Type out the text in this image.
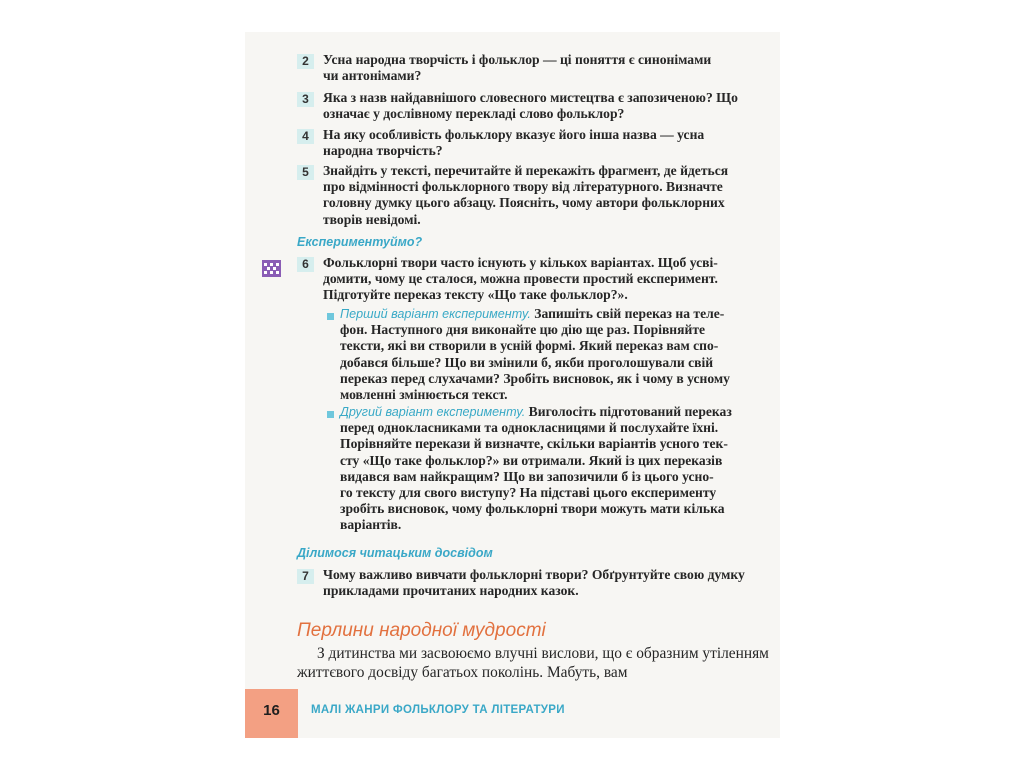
2	Усна народна творчість і фольклор — ці поняття є синонімами

чи антонімами?

3	Яка з назв найдавнішого словесного мистецтва є запозиченою? Що

означає у дослівному перекладі слово фольклор?

4	На яку особливість фольклору вказує його інша назва — усна

народна творчість?

5	Знайдіть у тексті, перечитайте й перекажіть фрагмент, де йдеться

про відмінності фольклорного твору від літературного. Визначте

головну думку цього абзацу. Поясніть, чому автори фольклорних

творів невідомі.

Експериментуймо?
6	Фольклорні твори часто існують у кількох варіантах. Щоб усві-

домити, чому це сталося, можна провести простий експеримент.

Підготуйте переказ тексту «Що таке фольклор?».

Перший варіант експерименту. Запишіть свій переказ на теле-

фон. Наступного дня виконайте цю дію ще раз. Порівняйте

тексти, які ви створили в усній формі. Який переказ вам спо-

добався більше? Що ви змінили б, якби проголошували свій

переказ перед слухачами? Зробіть висновок, як і чому в усному

мовленні змінюється текст.

Другий варіант експерименту. Виголосіть підготований переказ

перед однокласниками та однокласницями й послухайте їхні.

Порівняйте перекази й визначте, скільки варіантів усного тек-

сту «Що таке фольклор?» ви отримали. Який із цих переказів

видався вам найкращим? Що ви запозичили б із цього усно-

го тексту для свого виступу? На підставі цього експерименту

зробіть висновок, чому фольклорні твори можуть мати кілька

варіантів.

Ділимося читацьким досвідом
7	Чому важливо вивчати фольклорні твори? Обґрунтуйте свою думку

прикладами прочитаних народних казок.

Перлини народної мудрості
З дитинства ми засвоюємо влучні вислови, що є образним утіленням життєвого досвіду багатьох поколінь. Мабуть, вам
16	МАЛІ ЖАНРИ ФОЛЬКЛОРУ ТА ЛІТЕРАТУРИ
